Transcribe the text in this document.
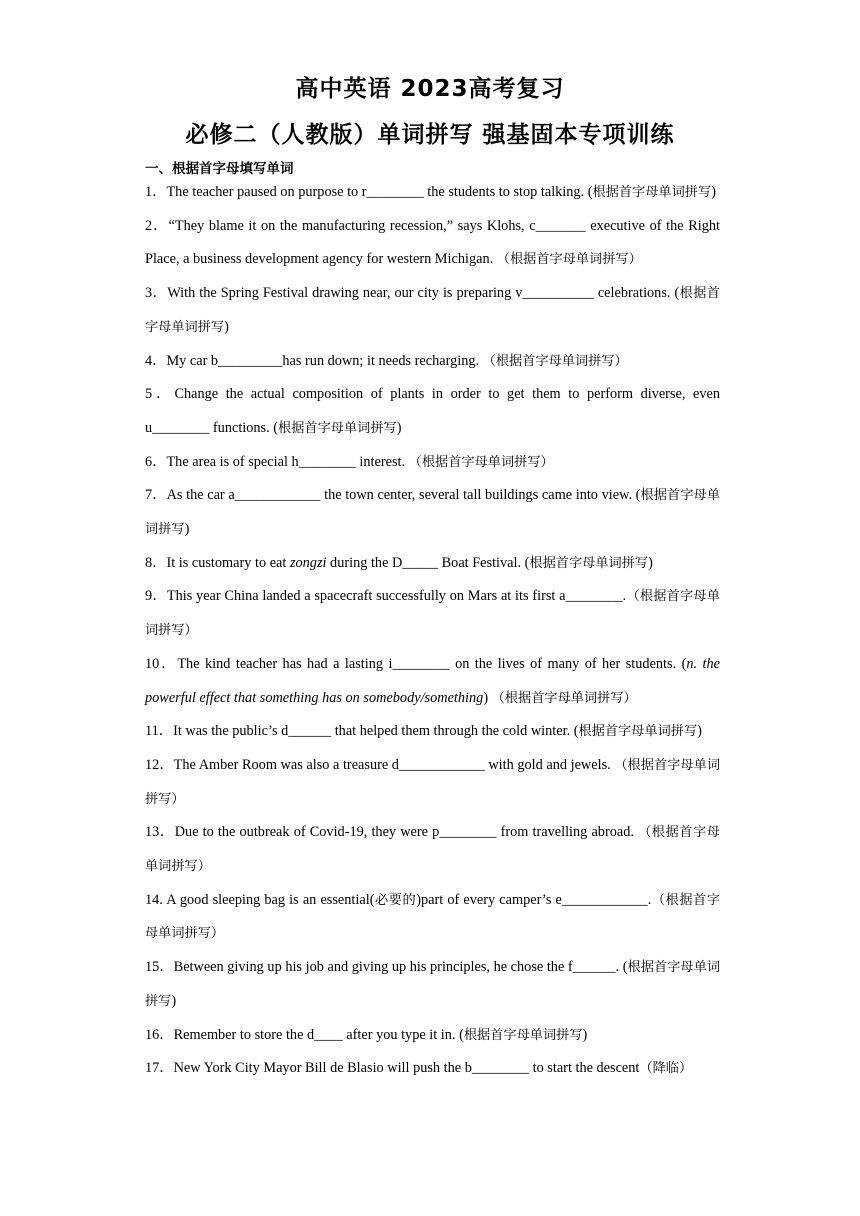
高中英语 2023高考复习
必修二（人教版）单词拼写 强基固本专项训练
一、根据首字母填写单词
1．The teacher paused on purpose to r________ the students to stop talking. (根据首字母单词拼写)
2．“They blame it on the manufacturing recession,” says Klohs, c_______ executive of the Right Place, a business development agency for western Michigan. （根据首字母单词拼写）
3．With the Spring Festival drawing near, our city is preparing v__________ celebrations. (根据首字母单词拼写)
4．My car b_________has run down; it needs recharging. （根据首字母单词拼写）
5．Change the actual composition of plants in order to get them to perform diverse, even u________ functions. (根据首字母单词拼写)
6．The area is of special h________ interest. （根据首字母单词拼写）
7．As the car a____________ the town center, several tall buildings came into view. (根据首字母单词拼写)
8．It is customary to eat zongzi during the D_____ Boat Festival. (根据首字母单词拼写)
9．This year China landed a spacecraft successfully on Mars at its first a________.（根据首字母单词拼写）
10．The kind teacher has had a lasting i________ on the lives of many of her students. (n. the powerful effect that something has on somebody/something) （根据首字母单词拼写）
11．It was the public’s d______ that helped them through the cold winter. (根据首字母单词拼写)
12．The Amber Room was also a treasure d____________ with gold and jewels. （根据首字母单词拼写）
13．Due to the outbreak of Covid-19, they were p________ from travelling abroad. （根据首字母单词拼写）
14. A good sleeping bag is an essential(必要的)part of every camper’s e____________.（根据首字母单词拼写）
15．Between giving up his job and giving up his principles, he chose the f______. (根据首字母单词拼写)
16．Remember to store the d____ after you type it in. (根据首字母单词拼写)
17．New York City Mayor Bill de Blasio will push the b________ to start the descent（降临）
